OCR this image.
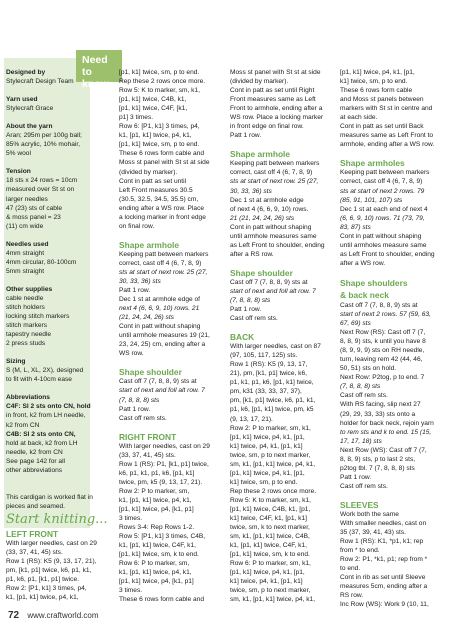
Need to know...

Designed by

Stylecraft Design Team

Yarn used

Stylecraft Grace

About the yarn

Aran; 295m per 100g ball;

85% acrylic, 10% mohair,

5% wool

Tension

18 sts x 24 rows = 10cm

measured over St st on

larger needles

47 (23) sts of cable

& moss panel = 23

(11) cm wide

Needles used

4mm straight

4mm circular, 80-100cm

5mm straight

Other supplies

cable needle

stitch holders

locking stitch markers

stitch markers

tapestry needle

2 press studs

Sizing

S (M, L, XL, 2X), designed

to fit with 4-10cm ease

Abbreviations

C4F: Sl 2 sts onto CN, hold

in front, k2 from LH needle,

k2 from CN

C4B: Sl 2 sts onto CN,

hold at back, k2 from LH

needle, k2 from CN

See page 142 for all

other abbreviations

This cardigan is worked flat in

pieces and seamed.

Start knitting...

LEFT FRONT

With larger needles, cast on 29

(33, 37, 41, 45) sts.

Row 1 (RS): K5 (9, 13, 17, 21),

pm, [k1, p1] twice, k6, p1, k1,

p1, k6, p1, [k1, p1] twice.

Row 2: [P1, k1] 3 times, p4,

k1, [p1, k1] twice, p4, k1,

[p1, k1] twice, sm, p to end.

Rep these 2 rows once more.

Row 5: K to marker, sm, k1,

[p1, k1] twice, C4B, k1,

[p1, k1] twice, C4F, [k1,

p1] 3 times.

Row 6: [P1, k1] 3 times, p4,

k1, [p1, k1] twice, p4, k1,

[p1, k1] twice, sm, p to end.

These 6 rows form cable and

Moss st panel with St st at side

(divided by marker).

Cont in patt as set until

Left Front measures 30.5

(30.5, 32.5, 34.5, 35.5) cm,

ending after a WS row. Place

a locking marker in front edge

on final row.

Shape armhole

Keeping patt between markers

correct, cast off 4 (6, 7, 8, 9)

sts at start of next row. 25 (27,

30, 33, 36) sts

Patt 1 row.

Dec 1 st at armhole edge of

next 4 (6, 6, 9, 10) rows. 21

(21, 24, 24, 26) sts

Cont in patt without shaping

until armhole measures 19 (21,

23, 24, 25) cm, ending after a

WS row.

Shape shoulder

Cast off 7 (7, 8, 8, 9) sts at

start of next and foll alt row. 7

(7, 8, 8, 8) sts

Patt 1 row.

Cast off rem sts.

RIGHT FRONT

With larger needles, cast on 29

(33, 37, 41, 45) sts.

Row 1 (RS): P1, [k1, p1] twice,

k6, p1, k1, p1, k6, [p1, k1]

twice, pm, k5 (9, 13, 17, 21).

Row 2: P to marker, sm,

k1, [p1, k1] twice, p4, k1,

[p1, k1] twice, p4, [k1, p1]

3 times.

Rows 3-4: Rep Rows 1-2.

Row 5: [P1, k1] 3 times, C4B,

k1, [p1, k1] twice, C4F, k1,

[p1, k1] twice, sm, k to end.

Row 6: P to marker, sm,

k1, [p1, k1] twice, p4, k1,

[p1, k1] twice, p4, [k1, p1]

3 times.

These 6 rows form cable and

Moss st panel with St st at side

(divided by marker).

Cont in patt as set until Right

Front measures same as Left

Front to armhole, ending after a

WS row. Place a locking marker

in front edge on final row.

Patt 1 row.

Shape armhole

Keeping patt between markers

correct, cast off 4 (6, 7, 8, 9)

sts at start of next row. 25 (27,

30, 33, 36) sts

Dec 1 st at armhole edge

of next 4 (6, 6, 9, 10) rows.

21 (21, 24, 24, 26) sts

Cont in patt without shaping

until armhole measures same

as Left Front to shoulder, ending

after a RS row.

Shape shoulder

Cast off 7 (7, 8, 8, 9) sts at

start of next and foll alt row. 7

(7, 8, 8, 8) sts

Patt 1 row.

Cast off rem sts.

BACK

With larger needles, cast on 87

(97, 105, 117, 125) sts.

Row 1 (RS): K5 (9, 13, 17,

21), pm, [k1, p1] twice, k6,

p1, k1, p1, k6, [p1, k1] twice,

pm, k31 (33, 33, 37, 37),

pm, [k1, p1] twice, k6, p1, k1,

p1, k6, [p1, k1] twice, pm, k5

(9, 13, 17, 21).

Row 2: P to marker, sm, k1,

[p1, k1] twice, p4, k1, [p1,

k1] twice, p4, k1, [p1, k1]

twice, sm, p to next marker,

sm, k1, [p1, k1] twice, p4, k1,

[p1, k1] twice, p4, k1, [p1,

k1] twice, sm, p to end.

Rep these 2 rows once more.

Row 5: K to marker, sm, k1,

[p1, k1] twice, C4B, k1, [p1,

k1] twice, C4F, k1, [p1, k1]

twice, sm, k to next marker,

sm, k1, [p1, k1] twice, C4B,

k1, [p1, k1] twice, C4F, k1,

[p1, k1] twice, sm, k to end.

Row 6: P to marker, sm, k1,

[p1, k1] twice, p4, k1, [p1,

k1] twice, p4, k1, [p1, k1]

twice, sm, p to next marker,

sm, k1, [p1, k1] twice, p4, k1,

[p1, k1] twice, p4, k1, [p1,

k1] twice, sm, p to end.

These 6 rows form cable

and Moss st panels between

markers with St st in centre and

at each side.

Cont in patt as set until Back

measures same as Left Front to

armhole, ending after a WS row.

Shape armholes

Keeping patt between markers

correct, cast off 4 (6, 7, 8, 9)

sts at start of next 2 rows. 79

(85, 91, 101, 107) sts

Dec 1 st at each end of next 4

(6, 6, 9, 10) rows. 71 (73, 79,

83, 87) sts

Cont in patt without shaping

until armholes measure same

as Left Front to shoulder, ending

after a WS row.

Shape shoulders

& back neck

Cast off 7 (7, 8, 8, 9) sts at

start of next 2 rows. 57 (59, 63,

67, 69) sts

Next Row (RS): Cast off 7 (7,

8, 8, 9) sts, k until you have 8

(8, 9, 9, 9) sts on RH needle,

turn, leaving rem 42 (44, 46,

50, 51) sts on hold.

Next Row: P2tog, p to end. 7

(7, 8, 8, 8) sts

Cast off rem sts.

With RS facing, slip next 27

(29, 29, 33, 33) sts onto a

holder for back neck, rejoin yarn

to rem sts and k to end. 15 (15,

17, 17, 18) sts

Next Row (WS): Cast off 7 (7,

8, 8, 9) sts, p to last 2 sts,

p2tog tbl. 7 (7, 8, 8, 8) sts

Patt 1 row.

Cast off rem sts.

SLEEVES

Work both the same

With smaller needles, cast on

35 (37, 39, 41, 43) sts.

Row 1 (RS): K1, *p1, k1; rep

from * to end.

Row 2: P1, *k1, p1; rep from *

to end.

Cont in rib as set until Sleeve

measures 5cm, ending after a

RS row.

Inc Row (WS): Work 9 (10, 11,

72 www.craftworld.com
